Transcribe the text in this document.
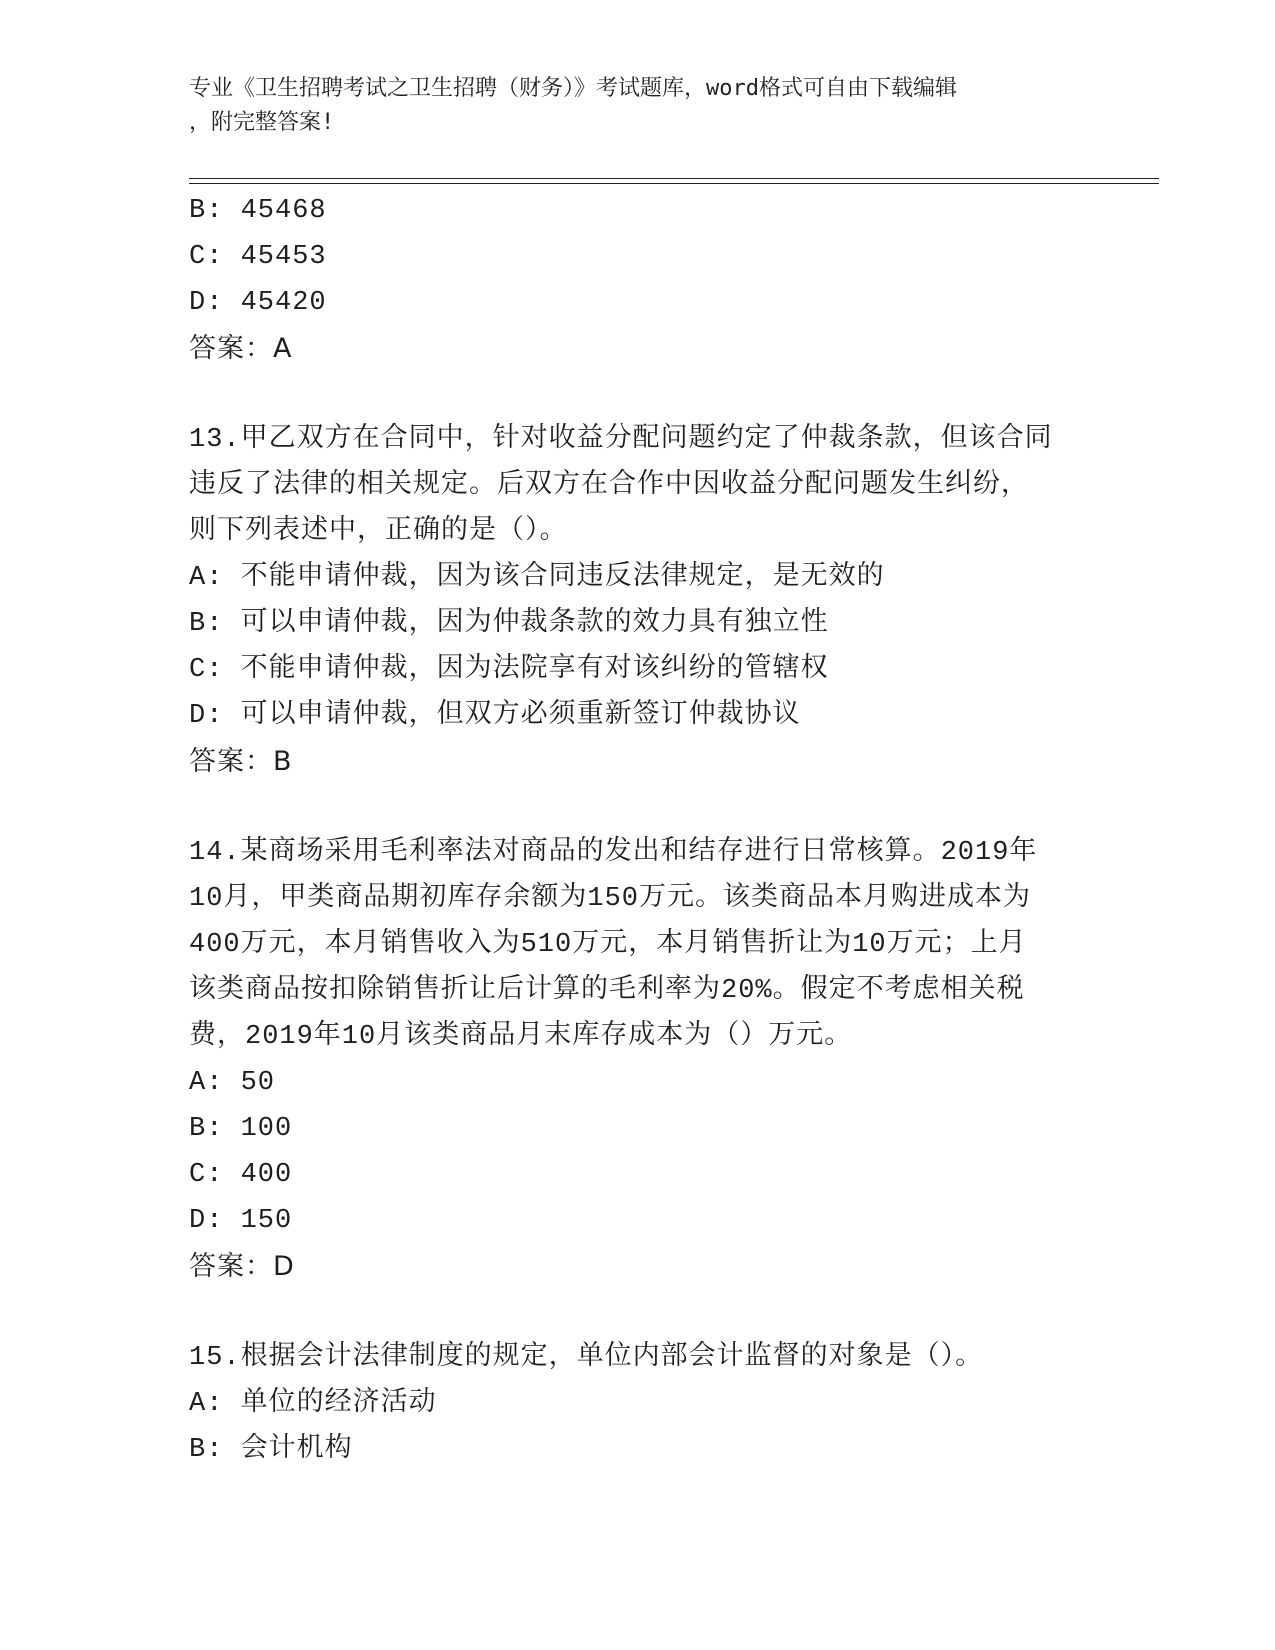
专业《卫生招聘考试之卫生招聘（财务）》考试题库，word格式可自由下载编辑
，附完整答案!
B: 45468
C: 45453
D: 45420
答案：A
13.甲乙双方在合同中，针对收益分配问题约定了仲裁条款，但该合同
违反了法律的相关规定。后双方在合作中因收益分配问题发生纠纷，
则下列表述中，正确的是（）。
A: 不能申请仲裁，因为该合同违反法律规定，是无效的
B: 可以申请仲裁，因为仲裁条款的效力具有独立性
C: 不能申请仲裁，因为法院享有对该纠纷的管辖权
D: 可以申请仲裁，但双方必须重新签订仲裁协议
答案：B
14.某商场采用毛利率法对商品的发出和结存进行日常核算。2019年
10月，甲类商品期初库存余额为150万元。该类商品本月购进成本为
400万元，本月销售收入为510万元，本月销售折让为10万元；上月
该类商品按扣除销售折让后计算的毛利率为20%。假定不考虑相关税
费，2019年10月该类商品月末库存成本为（）万元。
A: 50
B: 100
C: 400
D: 150
答案：D
15.根据会计法律制度的规定，单位内部会计监督的对象是（）。
A: 单位的经济活动
B: 会计机构
